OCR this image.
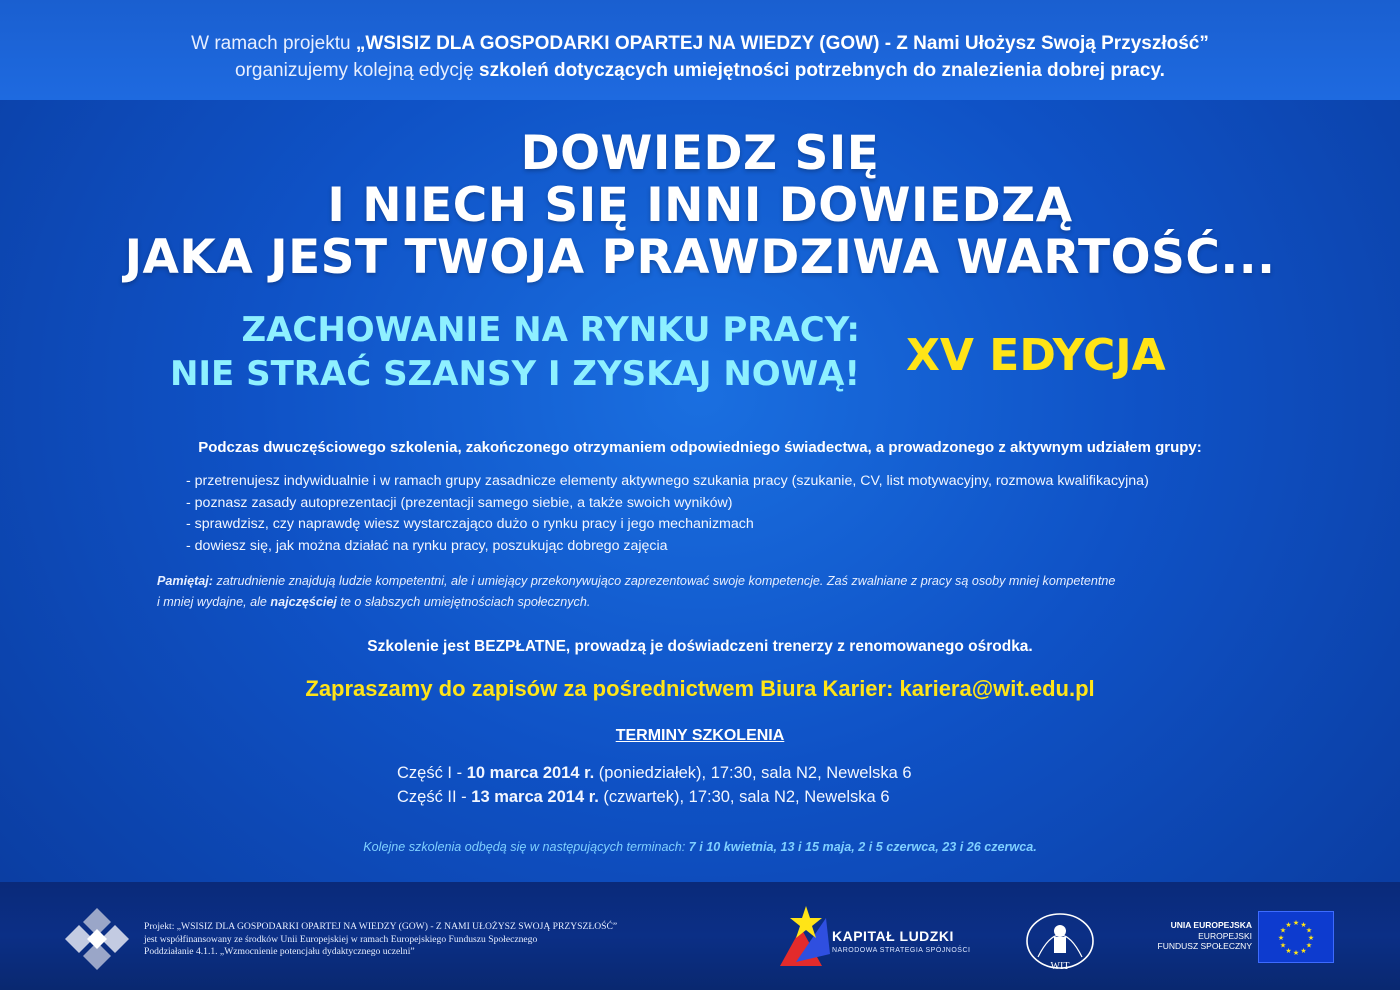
W ramach projektu „WSISIZ DLA GOSPODARKI OPARTEJ NA WIEDZY (GOW) - Z Nami Ułożysz Swoją Przyszłość”
organizujemy kolejną edycję szkoleń dotyczących umiejętności potrzebnych do znalezienia dobrej pracy.
DOWIEDZ SIĘ
I NIECH SIĘ INNI DOWIEDZĄ
JAKA JEST TWOJA PRAWDZIWA WARTOŚĆ...
ZACHOWANIE NA RYNKU PRACY:
NIE STRAĆ SZANSY I ZYSKAJ NOWĄ! XV EDYCJA
Podczas dwuczęściowego szkolenia, zakończonego otrzymaniem odpowiedniego świadectwa, a prowadzonego z aktywnym udziałem grupy:
- przetrenujesz indywidualnie i w ramach grupy zasadnicze elementy aktywnego szukania pracy (szukanie, CV, list motywacyjny, rozmowa kwalifikacyjna)
- poznasz zasady autoprezentacji (prezentacji samego siebie, a także swoich wyników)
- sprawdzisz, czy naprawdę wiesz wystarczająco dużo o rynku pracy i jego mechanizmach
- dowiesz się, jak można działać na rynku pracy, poszukując dobrego zajęcia
Pamiętaj: zatrudnienie znajdują ludzie kompetentni, ale i umiejący przekonywująco zaprezentować swoje kompetencje. Zaś zwalniane z pracy są osoby mniej kompetentne
i mniej wydajne, ale najczęściej te o słabszych umiejętnościach społecznych.
Szkolenie jest BEZPŁATNE, prowadzą je doświadczeni trenerzy z renomowanego ośrodka.
Zapraszamy do zapisów za pośrednictwem Biura Karier: kariera@wit.edu.pl
TERMINY SZKOLENIA
Część I - 10 marca 2014 r. (poniedziałek), 17:30, sala N2, Newelska 6
Część II - 13 marca 2014 r. (czwartek), 17:30, sala N2, Newelska 6
Kolejne szkolenia odbędą się w następujących terminach: 7 i 10 kwietnia, 13 i 15 maja, 2 i 5 czerwca, 23 i 26 czerwca.
Projekt: „WSISIZ DLA GOSPODARKI OPARTEJ NA WIEDZY (GOW) - Z NAMI UŁOŻYSZ SWOJĄ PRZYSZŁOŚĆ”
jest współfinansowany ze środków Unii Europejskiej w ramach Europejskiego Funduszu Społecznego
Poddziałanie 4.1.1. „Wzmocnienie potencjału dydaktycznego uczelni”
KAPITAŁ LUDZKI
NARODOWA STRATEGIA SPÓJNOŚCI
WIT
UNIA EUROPEJSKA
EUROPEJSKI
FUNDUSZ SPOŁECZNY
★
★
★
★
★
★
★
★
★ ★ ★
★
